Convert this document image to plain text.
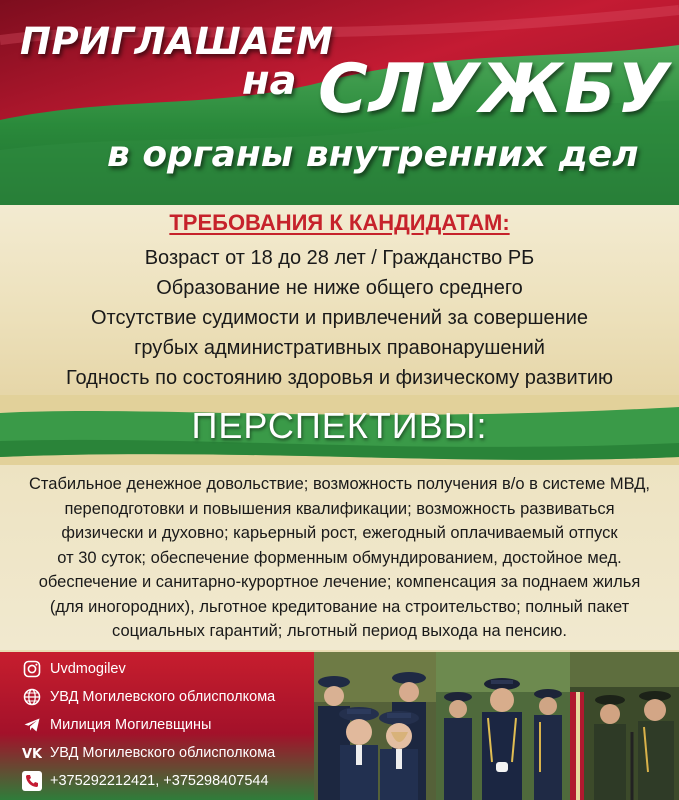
ПРИГЛАШАЕМ
на СЛУЖБУ
в органы внутренних дел
ТРЕБОВАНИЯ К КАНДИДАТАМ:
Возраст от 18 до 28 лет / Гражданство РБ
Образование не ниже общего среднего
Отсутствие судимости и привлечений за совершение
грубых административных правонарушений
Годность по состоянию здоровья и физическому развитию
ПЕРСПЕКТИВЫ:
Стабильное денежное довольствие; возможность получения в/о в системе МВД,
переподготовки и повышения квалификации; возможность развиваться
физически и духовно; карьерный рост, ежегодный оплачиваемый отпуск
от 30 суток; обеспечение форменным обмундированием, достойное мед.
обеспечение и санитарно-курортное лечение; компенсация за поднаем жилья
(для иногородних), льготное кредитование на строительство; полный пакет
социальных гарантий; льготный период выхода на пенсию.
Uvdmogilev
УВД Могилевского облисполкома
Милиция Могилевщины
VK УВД Могилевского облисполкома
+375292212421, +375298407544
